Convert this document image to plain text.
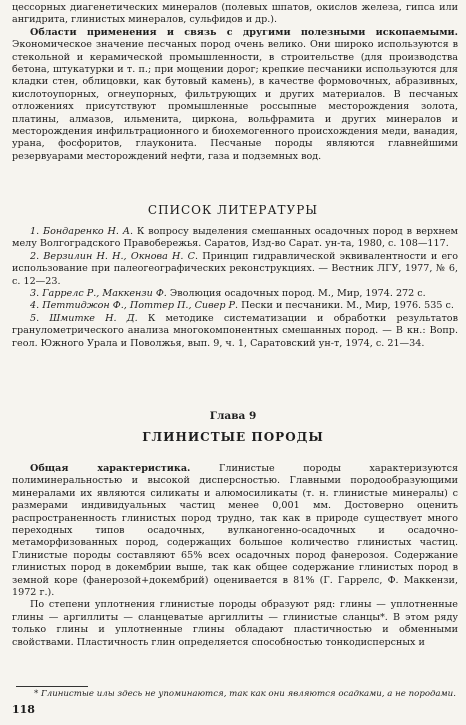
цессорных диагенетических минералов (полевых шпатов, окислов железа, гипса или ангидрита, глинистых минералов, сульфидов и др.).

Области применения и связь с другими полезными ископаемыми. Экономическое значение песчаных пород очень велико. Они широко используются в стекольной и керамической промышленности, в строительстве (для производства бетона, штукатурки и т. п.; при мощении дорог; крепкие песчаники используются для кладки стен, облицовки, как бутовый камень), в качестве формовочных, абразивных, кислотоупорных, огнеупорных, фильтрующих и других материалов. В песчаных отложениях присутствуют промышленные россыпные месторождения золота, платины, алмазов, ильменита, циркона, вольфрамита и других минералов и месторождения инфильтрационного и биохемогенного происхождения меди, ванадия, урана, фосфоритов, глауконита. Песчаные породы являются главнейшими резервуарами месторождений нефти, газа и подземных вод.

СПИСОК ЛИТЕРАТУРЫ

1. Бондаренко Н. А. К вопросу выделения смешанных осадочных пород в верхнем мелу Волгоградского Правобережья. Саратов, Изд-во Сарат. ун-та, 1980, с. 108—117.

2. Верзилин Н. Н., Окнова Н. С. Принцип гидравлической эквивалентности и его использование при палеогеографических реконструкциях. — Вестник ЛГУ, 1977, № 6, с. 12—23.

3. Гаррелс Р., Маккензи Ф. Эволюция осадочных пород. М., Мир, 1974. 272 с.

4. Петтиджон Ф., Поттер П., Сивер Р. Пески и песчаники. М., Мир, 1976. 535 с.

5. Шмитке Н. Д. К методике систематизации и обработки результатов гранулометрического анализа многокомпонентных смешанных пород. — В кн.: Вопр. геол. Южного Урала и Поволжья, вып. 9, ч. 1, Саратовский ун-т, 1974, с. 21—34.

Глава 9
ГЛИНИСТЫЕ ПОРОДЫ

Общая характеристика.	Глинистые породы характеризуются полиминеральностью и высокой дисперсностью. Главными породообразующими минералами их являются силикаты и алюмосиликаты (т. н. глинистые минералы) с размерами индивидуальных частиц менее 0,001 мм. Достоверно оценить распространенность глинистых пород трудно, так как в природе существует много переходных типов осадочных, вулканогенно-осадочных и осадочно-метаморфизованных пород, содержащих большое количество глинистых частиц. Глинистые породы составляют 65% всех осадочных пород фанерозоя. Содержание глинистых пород в докембрии выше, так как общее содержание глинистых пород в земной коре (фанерозой+докембрий) оценивается в 81% (Г. Гаррелс, Ф. Маккензи, 1972 г.).

По степени уплотнения глинистые породы образуют ряд: глины — уплотненные глины — аргиллиты — сланцеватые аргиллиты — глинистые сланцы*. В этом ряду только глины и уплотненные глины обладают пластичностью и обменными свойствами. Пластичность глин определяется способностью тонкодисперсных и

* Глинистые илы здесь не упоминаются, так как они являются осадками, а не породами.
118
